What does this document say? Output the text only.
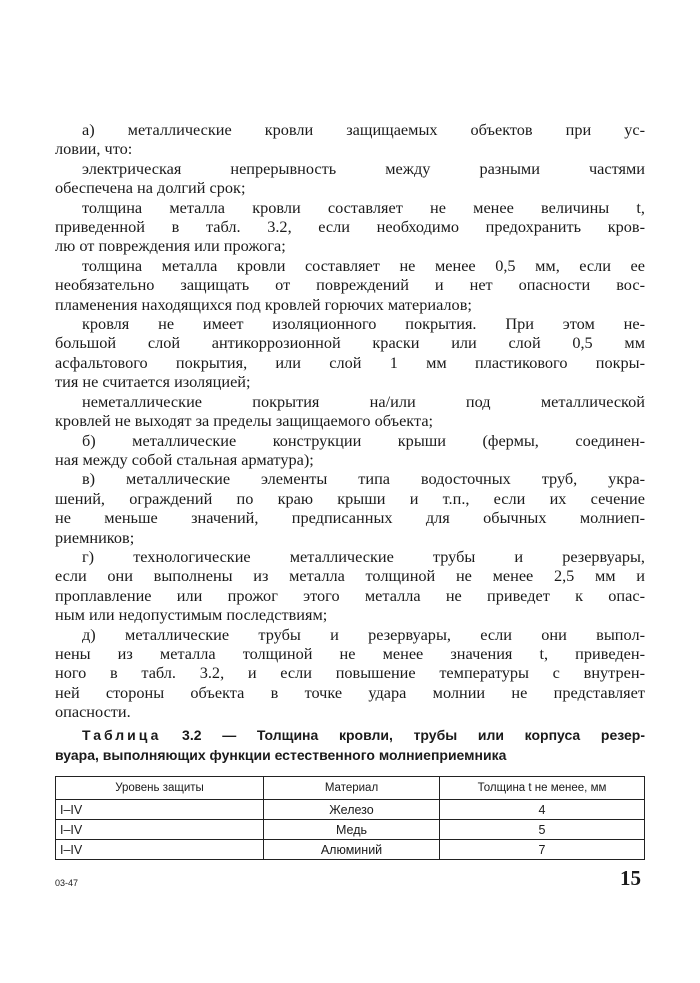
а) металлические кровли защищаемых объектов при ус-
ловии, что:
электрическая непрерывность между разными частями
обеспечена на долгий срок;
толщина металла кровли составляет не менее величины t,
приведенной в табл. 3.2, если необходимо предохранить кров-
лю от повреждения или прожога;
толщина металла кровли составляет не менее 0,5 мм, если ее
необязательно защищать от повреждений и нет опасности вос-
пламенения находящихся под кровлей горючих материалов;
кровля не имеет изоляционного покрытия. При этом не-
большой слой антикоррозионной краски или слой 0,5 мм
асфальтового покрытия, или слой 1 мм пластикового покры-
тия не считается изоляцией;
неметаллические покрытия на/или под металлической
кровлей не выходят за пределы защищаемого объекта;
б) металлические конструкции крыши (фермы, соединен-
ная между собой стальная арматура);
в) металлические элементы типа водосточных труб, укра-
шений, ограждений по краю крыши и т.п., если их сечение
не меньше значений, предписанных для обычных молниеп-
риемников;
г) технологические металлические трубы и резервуары,
если они выполнены из металла толщиной не менее 2,5 мм и
проплавление или прожог этого металла не приведет к опас-
ным или недопустимым последствиям;
д) металлические трубы и резервуары, если они выпол-
нены из металла толщиной не менее значения t, приведен-
ного в табл. 3.2, и если повышение температуры с внутрен-
ней стороны объекта в точке удара молнии не представляет
опасности.
Таблица 3.2 — Толщина кровли, трубы или корпуса резер-
вуара, выполняющих функции естественного молниеприемника
Уровень защиты	Материал	Толщина t не менее, мм
I–IV	Железо	4
I–IV	Медь	5
I–IV	Алюминий	7
03-47	15
